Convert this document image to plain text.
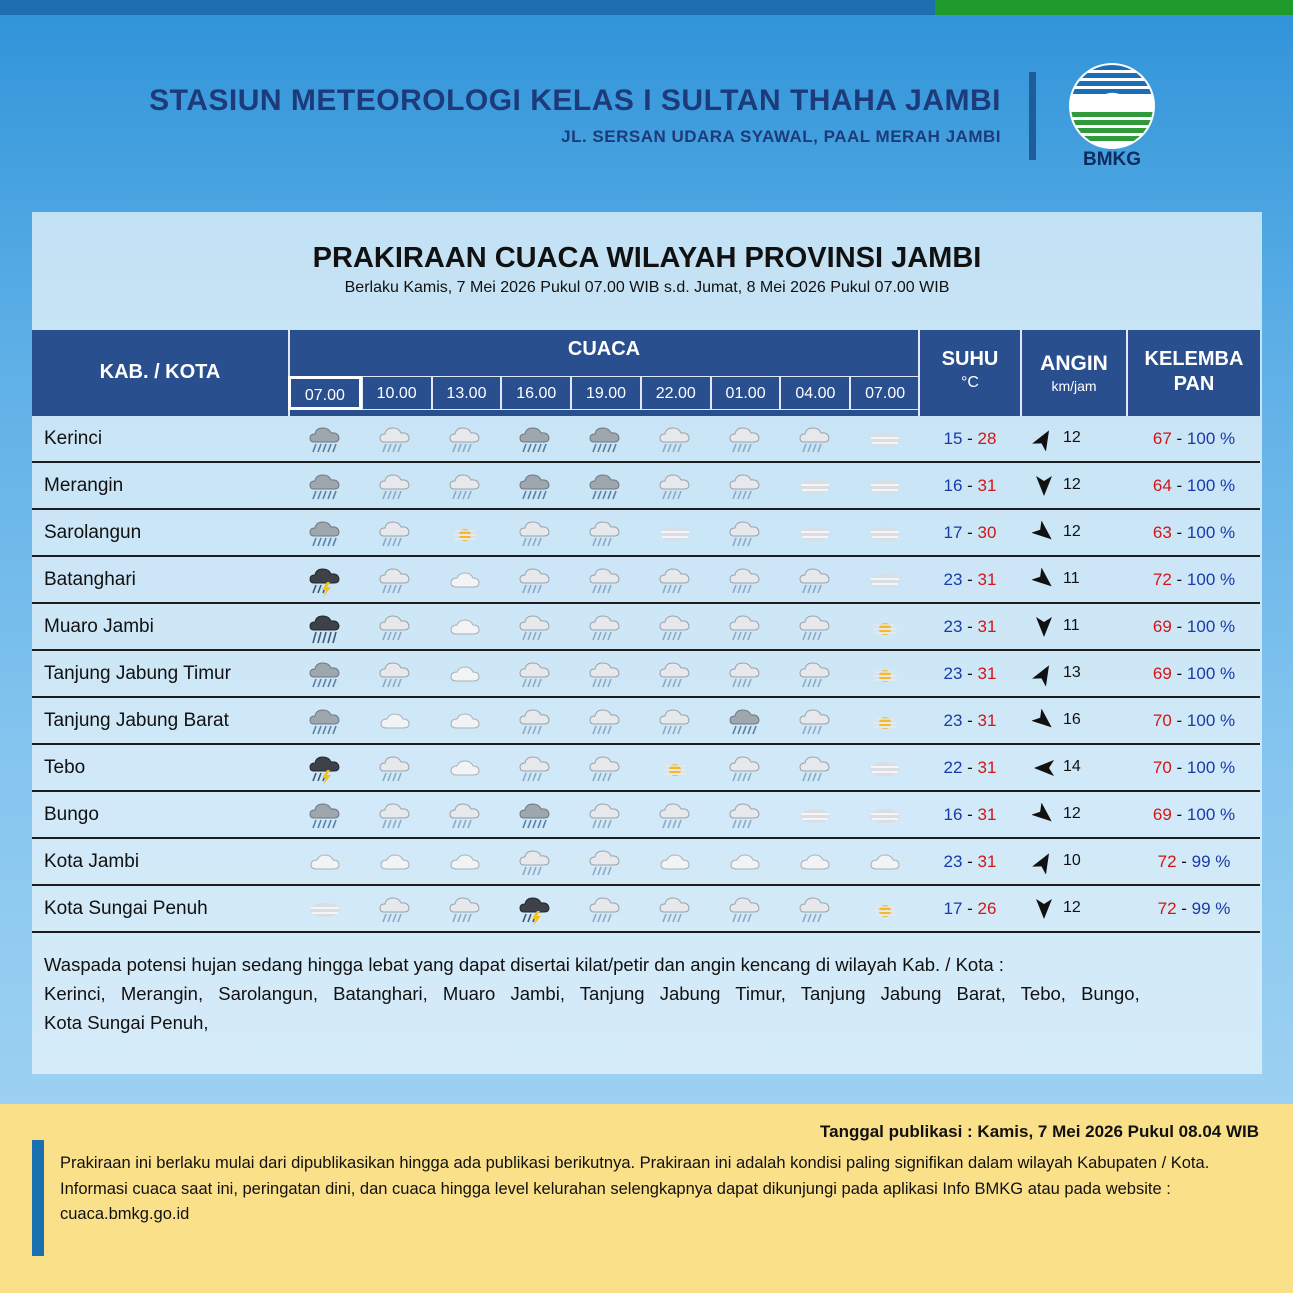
STASIUN METEOROLOGI KELAS I SULTAN THAHA JAMBI
JL. SERSAN UDARA SYAWAL, PAAL MERAH JAMBI
BMKG
PRAKIRAAN CUACA WILAYAH PROVINSI JAMBI
Berlaku Kamis, 7 Mei 2026 Pukul 07.00 WIB s.d. Jumat, 8 Mei 2026 Pukul 07.00 WIB
KAB. / KOTA
CUACA
07.00	10.00	13.00	16.00	19.00	22.00	01.00	04.00	07.00
SUHU
°C
ANGIN
km/jam
KELEMBA
PAN
Kerinci	15 - 28	12	67 - 100 %
Merangin	16 - 31	12	64 - 100 %
Sarolangun	17 - 30	12	63 - 100 %
Batanghari	23 - 31	11	72 - 100 %
Muaro Jambi	23 - 31	11	69 - 100 %
Tanjung Jabung Timur	23 - 31	13	69 - 100 %
Tanjung Jabung Barat	23 - 31	16	70 - 100 %
Tebo	22 - 31	14	70 - 100 %
Bungo	16 - 31	12	69 - 100 %
Kota Jambi	23 - 31	10	72 - 99 %
Kota Sungai Penuh	17 - 26	12	72 - 99 %
Waspada potensi hujan sedang hingga lebat yang dapat disertai kilat/petir dan angin kencang di wilayah Kab. / Kota :
Kerinci, Merangin, Sarolangun, Batanghari, Muaro Jambi, Tanjung Jabung Timur, Tanjung Jabung Barat, Tebo, Bungo,
Kota Sungai Penuh,
Tanggal publikasi : Kamis, 7 Mei 2026 Pukul 08.04 WIB
Prakiraan ini berlaku mulai dari dipublikasikan hingga ada publikasi berikutnya. Prakiraan ini adalah kondisi paling signifikan dalam wilayah Kabupaten / Kota. Informasi cuaca saat ini, peringatan dini, dan cuaca hingga level kelurahan selengkapnya dapat dikunjungi pada aplikasi Info BMKG atau pada website : cuaca.bmkg.go.id
